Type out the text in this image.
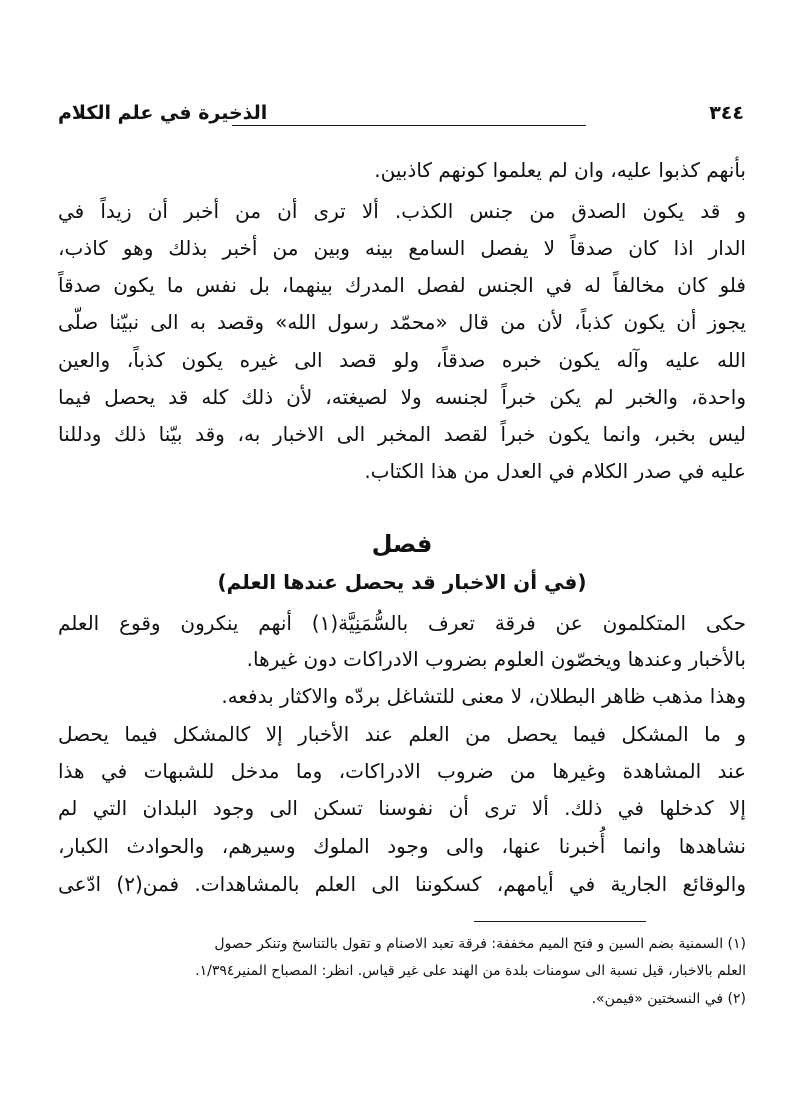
٣٤٤
الذخيرة في علم الكلام
بأنهم كذبوا عليه، وان لم يعلموا كونهم كاذبين.
و قد يكون الصدق من جنس الكذب. ألا ترى أن من أخبر أن زيداً في
الدار اذا كان صدقاً لا يفصل السامع بينه وبين من أخبر بذلك وهو كاذب،
فلو كان مخالفاً له في الجنس لفصل المدرك بينهما، بل نفس ما يكون صدقاً
يجوز أن يكون كذباً، لأن من قال «محمّد رسول الله» وقصد به الى نبيّنا صلّى
الله عليه وآله يكون خبره صدقاً، ولو قصد الى غيره يكون كذباً، والعين
واحدة، والخبر لم يكن خبراً لجنسه ولا لصيغته، لأن ذلك كله قد يحصل فيما
ليس بخبر، وانما يكون خبراً لقصد المخبر الى الاخبار به، وقد بيّنا ذلك ودللنا
عليه في صدر الكلام في العدل من هذا الكتاب.
فصل
(في أن الاخبار قد يحصل عندها العلم)
حكى المتكلمون عن فرقة تعرف بالسُّمَنِيَّة(١) أنهم ينكرون وقوع العلم
بالأخبار وعندها ويخصّون العلوم بضروب الادراكات دون غيرها.
وهذا مذهب ظاهر البطلان، لا معنى للتشاغل بردّه والاكثار بدفعه.
و ما المشكل فيما يحصل من العلم عند الأخبار إلا كالمشكل فيما يحصل
عند المشاهدة وغيرها من ضروب الادراكات، وما مدخل للشبهات في هذا
إلا كدخلها في ذلك. ألا ترى أن نفوسنا تسكن الى وجود البلدان التي لم
نشاهدها وانما أُخبرنا عنها، والى وجود الملوك وسيرهم، والحوادث الكبار،
والوقائع الجارية في أيامهم، كسكوننا الى العلم بالمشاهدات. فمن(٢) ادّعى
(١) السمنية بضم السين و فتح الميم مخففة: فرقة تعبد الاصنام و تقول بالتناسخ وتنكر حصول
العلم بالاخبار، قيل نسبة الى سومنات بلدة من الهند على غير قياس. انظر: المصباح المنير١/٣٩٤.
(٢) في النسختين «فيمن».
